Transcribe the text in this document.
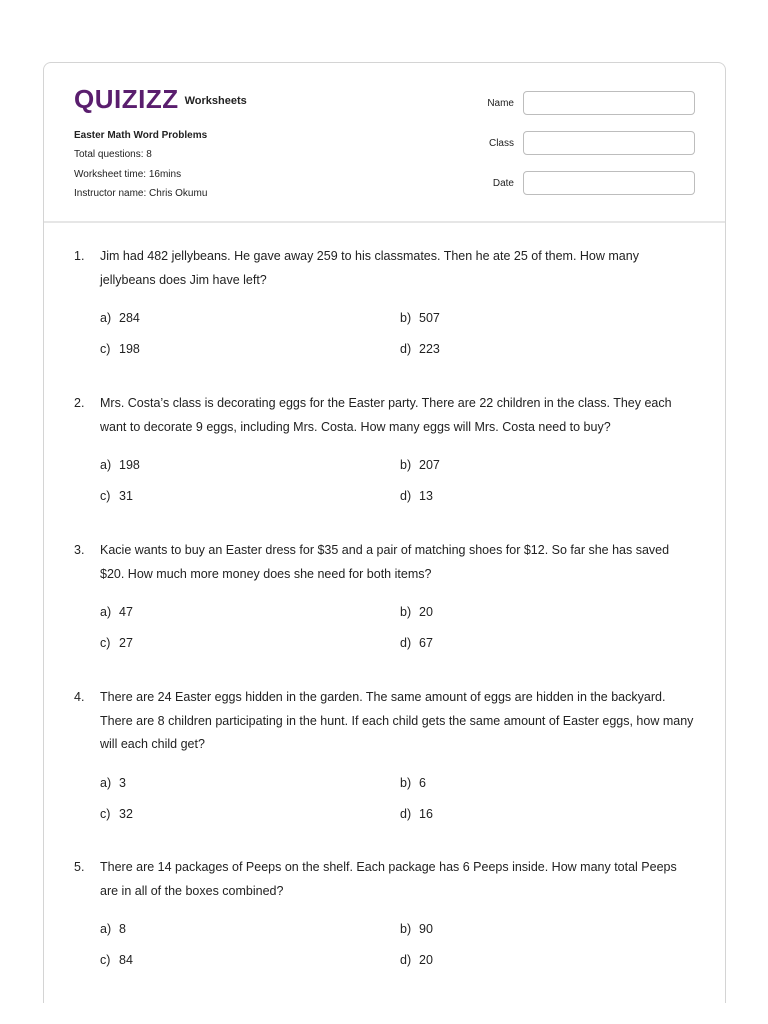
QUIZIZZ Worksheets
Easter Math Word Problems
Total questions: 8
Worksheet time: 16mins
Instructor name: Chris Okumu
Name
Class
Date
1. Jim had 482 jellybeans. He gave away 259 to his classmates. Then he ate 25 of them. How many jellybeans does Jim have left?
a) 284	b) 507
c) 198	d) 223
2. Mrs. Costa’s class is decorating eggs for the Easter party. There are 22 children in the class. They each want to decorate 9 eggs, including Mrs. Costa. How many eggs will Mrs. Costa need to buy?
a) 198	b) 207
c) 31	d) 13
3. Kacie wants to buy an Easter dress for $35 and a pair of matching shoes for $12. So far she has saved $20. How much more money does she need for both items?
a) 47	b) 20
c) 27	d) 67
4. There are 24 Easter eggs hidden in the garden. The same amount of eggs are hidden in the backyard. There are 8 children participating in the hunt. If each child gets the same amount of Easter eggs, how many will each child get?
a) 3	b) 6
c) 32	d) 16
5. There are 14 packages of Peeps on the shelf. Each package has 6 Peeps inside. How many total Peeps are in all of the boxes combined?
a) 8	b) 90
c) 84	d) 20
